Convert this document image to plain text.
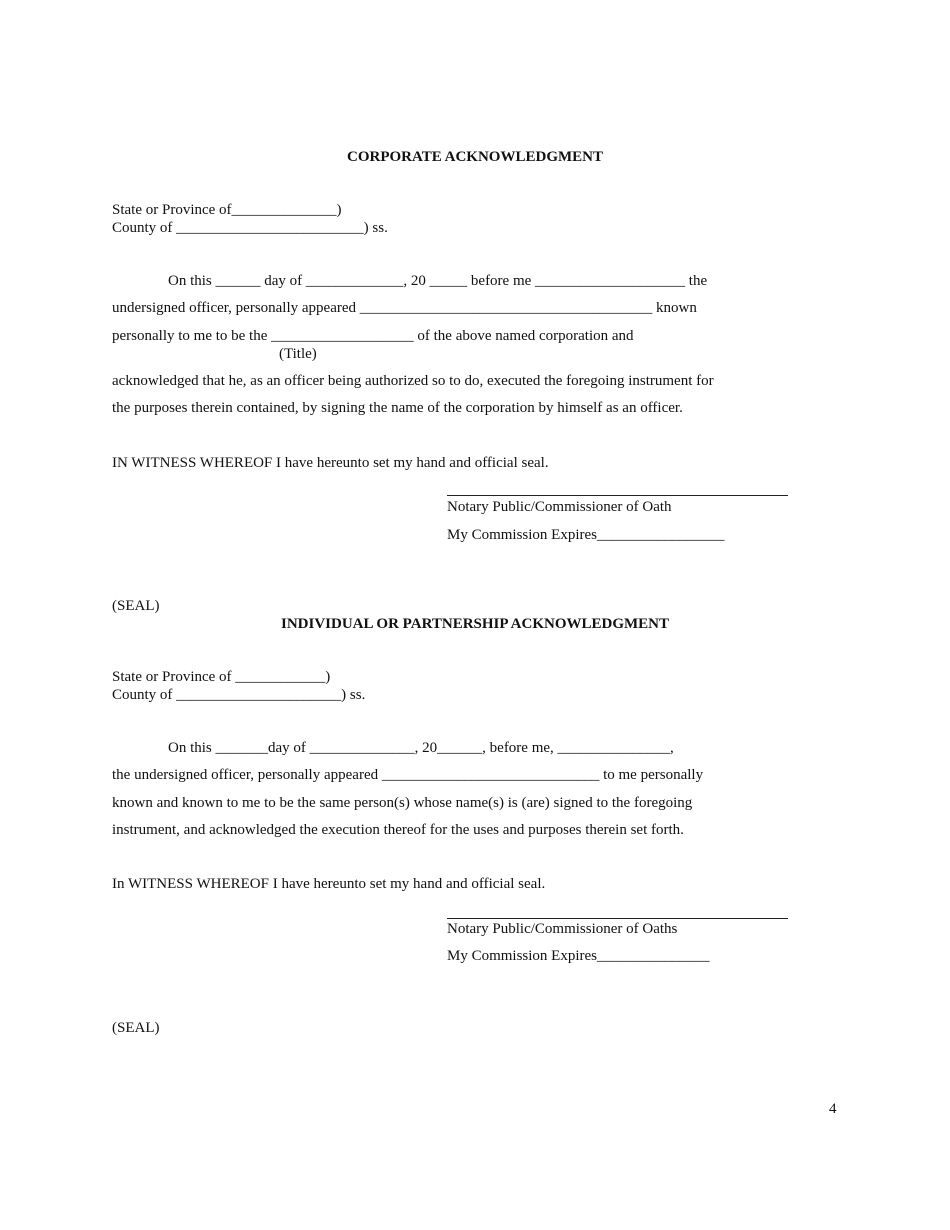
CORPORATE ACKNOWLEDGMENT
State or Province of______________)
County of _________________________) ss.
On this ______ day of _____________, 20 _____ before me ____________________ the
undersigned officer, personally appeared _______________________________________ known
personally to me to be the ___________________ of the above named corporation and
(Title)
acknowledged that he, as an officer being authorized so to do, executed the foregoing instrument for
the purposes therein contained, by signing the name of the corporation by himself as an officer.
IN WITNESS WHEREOF I have hereunto set my hand and official seal.
Notary Public/Commissioner of Oath
My Commission Expires_________________
(SEAL)
INDIVIDUAL OR PARTNERSHIP ACKNOWLEDGMENT
State or Province of ____________)
County of ______________________) ss.
On this _______day of ______________, 20______, before me, _______________,
the undersigned officer, personally appeared _____________________________ to me personally
known and known to me to be the same person(s) whose name(s) is (are) signed to the foregoing
instrument, and acknowledged the execution thereof for the uses and purposes therein set forth.
In WITNESS WHEREOF I have hereunto set my hand and official seal.
Notary Public/Commissioner of Oaths
My Commission Expires_______________
(SEAL)
4
